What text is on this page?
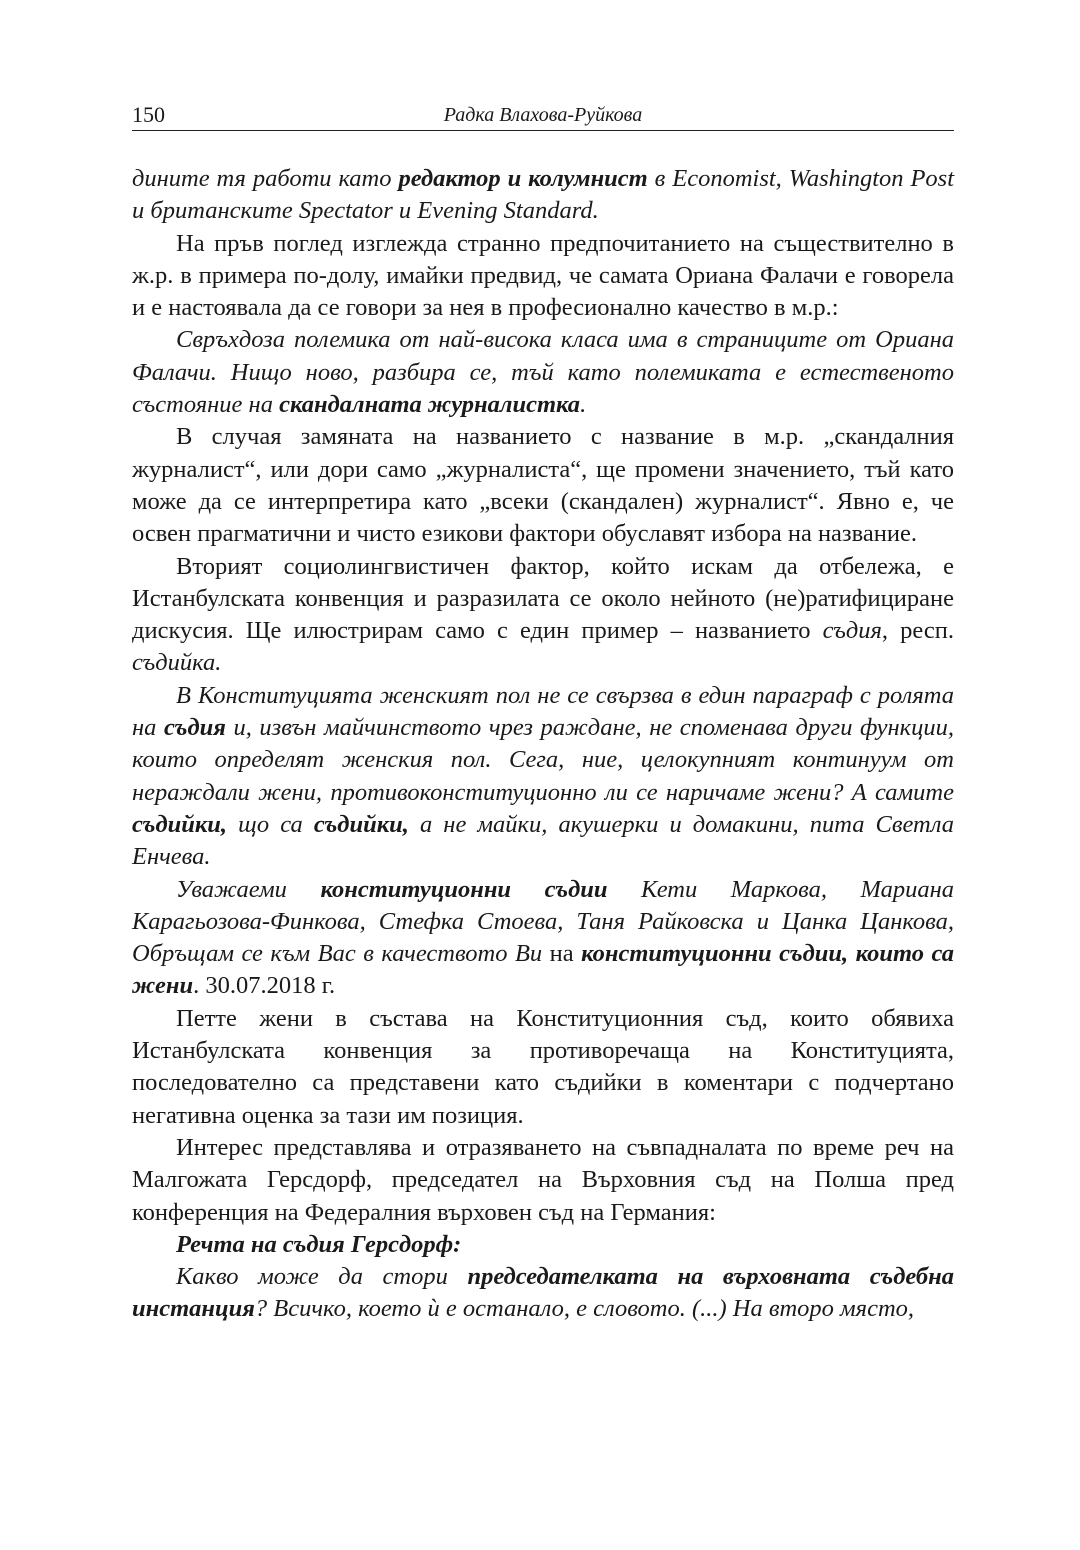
150	Радка Влахова-Руйкова

дините тя работи като редактор и колумнист в Economist, Washington Post и британските Spectator и Evening Standard.

На пръв поглед изглежда странно предпочитанието на съществително в ж.р. в примера по-долу, имайки предвид, че самата Ориана Фалачи е говорела и е настоявала да се говори за нея в професионално качество в м.р.:

Свръхдоза полемика от най-висока класа има в страниците от Ориана Фалачи. Нищо ново, разбира се, тъй като полемиката е естественото състояние на скандалната журналистка.

В случая замяната на названието с название в м.р. „скандалния журналист“, или дори само „журналиста“, ще промени значението, тъй като може да се интерпретира като „всеки (скандален) журналист“. Явно е, че освен прагматични и чисто езикови фактори обуславят избора на название.

Вторият социолингвистичен фактор, който искам да отбележа, е Истанбулската конвенция и разразилата се около нейното (не)ратифициране дискусия. Ще илюстрирам само с един пример – названието съдия, респ. съдийка.

В Конституцията женският пол не се свързва в един параграф с ролята на съдия и, извън майчинството чрез раждане, не споменава други функции, които определят женския пол. Сега, ние, целокупният континуум от нераждали жени, противоконституционно ли се наричаме жени? А самите съдийки, що са съдийки, а не майки, акушерки и домакини, пита Светла Енчева.

Уважаеми конституционни съдии Кети Маркова, Мариана Карагьозова-Финкова, Стефка Стоева, Таня Райковска и Цанка Цанкова, Обръщам се към Вас в качеството Ви на конституционни съдии, които са жени. 30.07.2018 г.

Петте жени в състава на Конституционния съд, които обявиха Истанбулската конвенция за противоречаща на Конституцията, последователно са представени като съдийки в коментари с подчертано негативна оценка за тази им позиция.

Интерес представлява и отразяването на съвпадналата по време реч на Малгожата Герсдорф, председател на Върховния съд на Полша пред конференция на Федералния върховен съд на Германия:

Речта на съдия Герсдорф:

Какво може да стори председателката на върховната съдебна инстанция? Всичко, което ѝ е останало, е словото. (...) На второ място,
